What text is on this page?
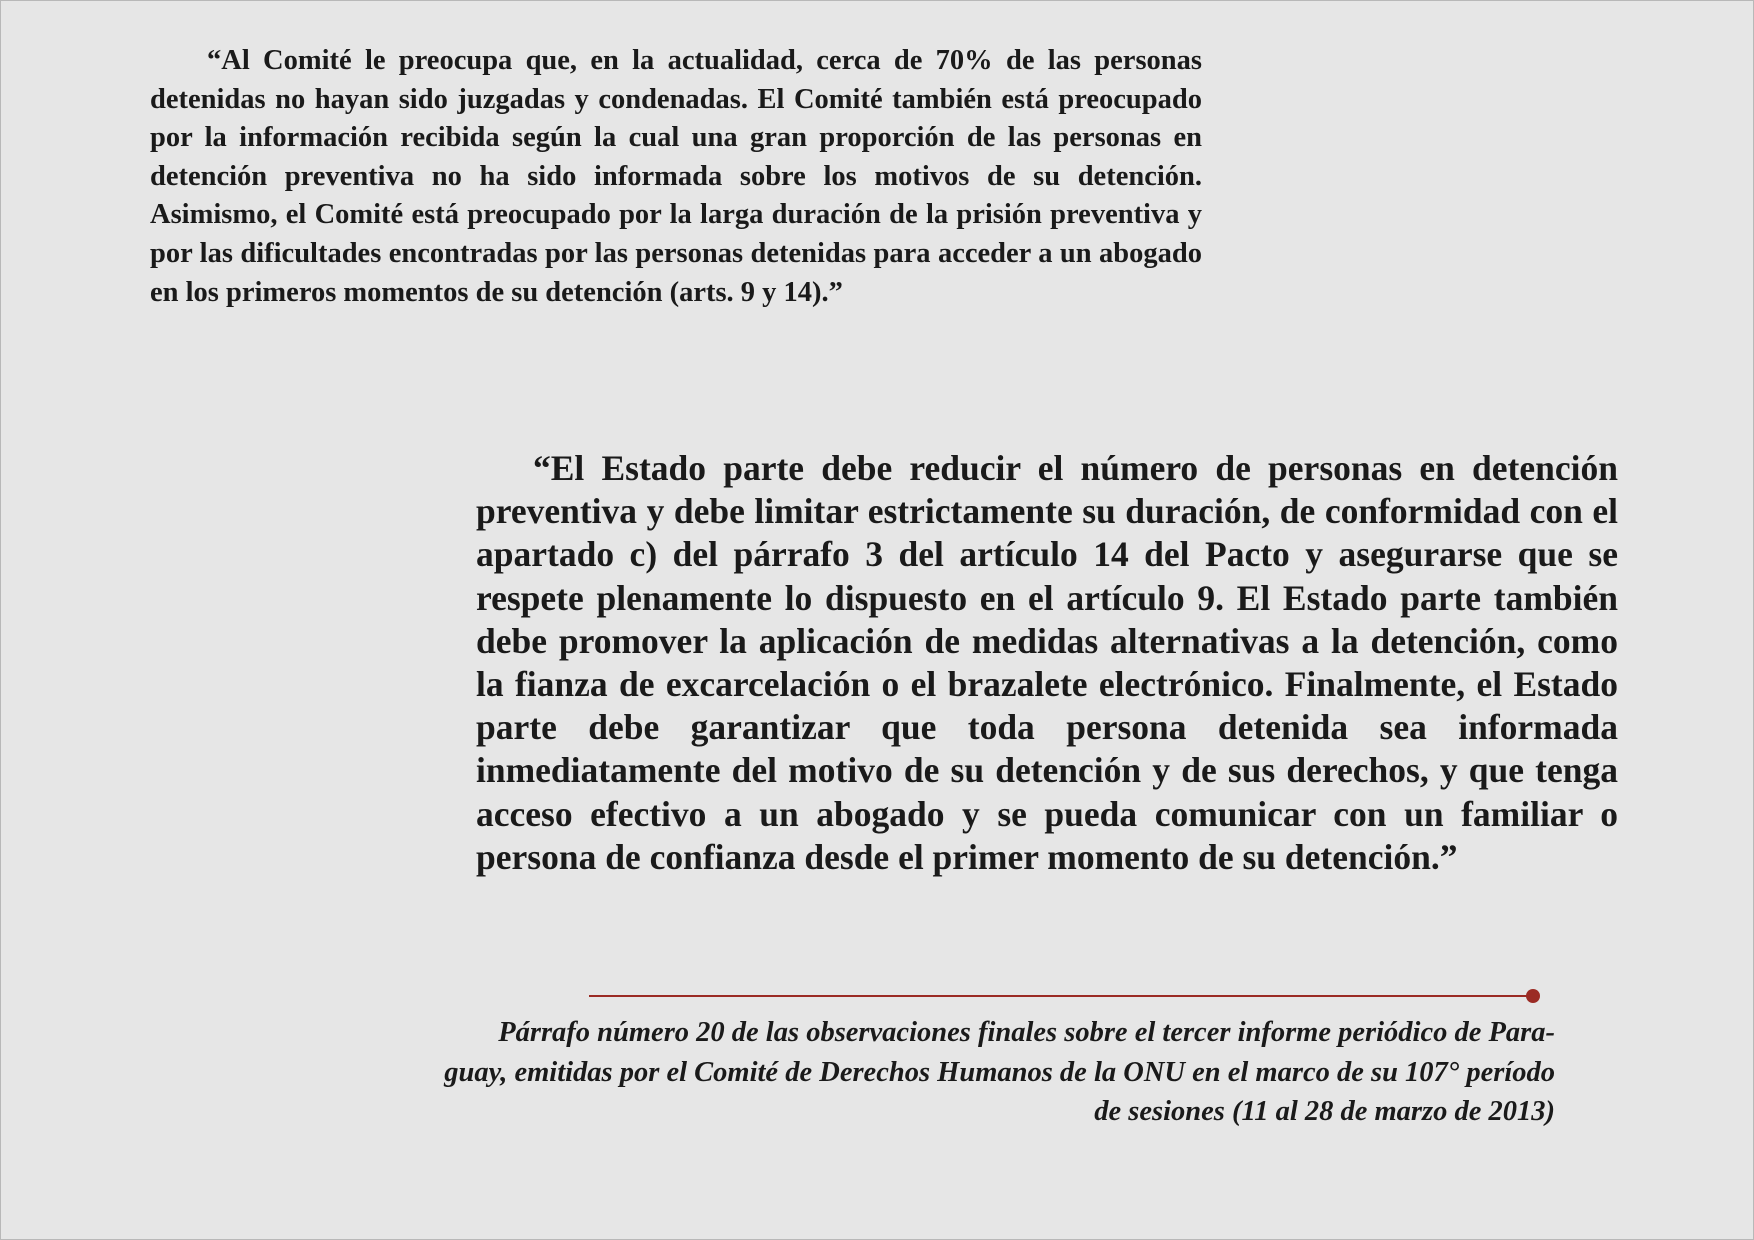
“Al Comité le preocupa que, en la actualidad, cerca de 70% de las personas detenidas no hayan sido juzgadas y condenadas. El Comité también está preocupado por la información recibida según la cual una gran proporción de las personas en detención preventiva no ha sido informada sobre los motivos de su detención. Asimismo, el Comité está preocupado por la larga duración de la prisión preventiva y por las dificultades encontradas por las personas detenidas para acceder a un abogado en los primeros momentos de su detención (arts. 9 y 14).”

“El Estado parte debe reducir el número de personas en detención preventiva y debe limitar estrictamente su duración, de conformidad con el apartado c) del párrafo 3 del artículo 14 del Pacto y asegurarse que se respete plenamente lo dispuesto en el artículo 9. El Estado parte también debe promover la aplicación de medidas alternativas a la detención, como la fianza de excarcelación o el brazalete electrónico. Finalmente, el Estado parte debe garantizar que toda persona detenida sea informada inmediatamente del motivo de su detención y de sus derechos, y que tenga acceso efectivo a un abogado y se pueda comunicar con un familiar o persona de confianza desde el primer momento de su detención.”

Párrafo número 20 de las observaciones finales sobre el tercer informe periódico de Para-
guay, emitidas por el Comité de Derechos Humanos de la ONU en el marco de su 107° período
de sesiones (11 al 28 de marzo de 2013)
